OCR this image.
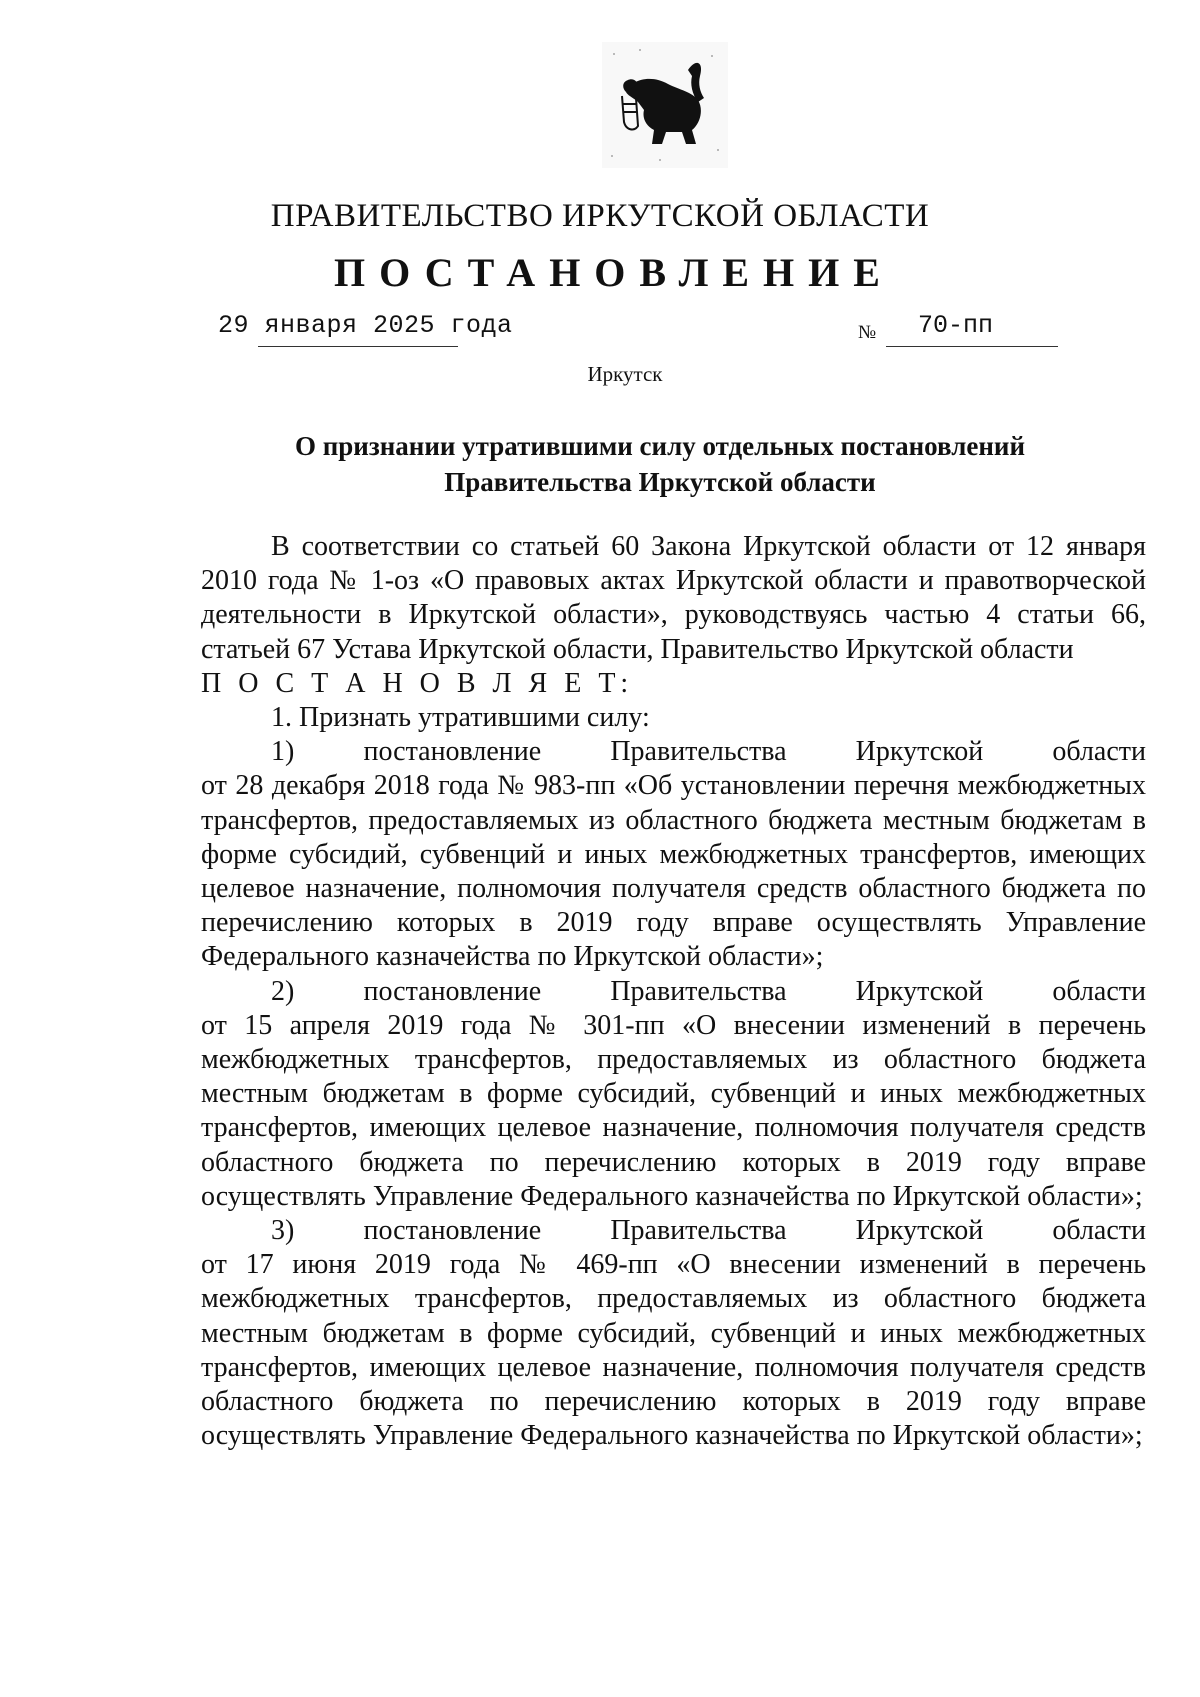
ПРАВИТЕЛЬСТВО ИРКУТСКОЙ ОБЛАСТИ
ПОСТАНОВЛЕНИЕ
29 января 2025 года	№ 70-пп
Иркутск
О признании утратившими силу отдельных постановлений
Правительства Иркутской области

В соответствии со статьей 60 Закона Иркутской области от 12 января 2010 года № 1-оз «О правовых актах Иркутской области и правотворческой деятельности в Иркутской области», руководствуясь частью 4 статьи 66, статьей 67 Устава Иркутской области, Правительство Иркутской области

П О С Т А Н О В Л Я Е Т:

1. Признать утратившими силу:

1) постановление Правительства Иркутской области

от 28 декабря 2018 года № 983-пп «Об установлении перечня межбюджетных трансфертов, предоставляемых из областного бюджета местным бюджетам в форме субсидий, субвенций и иных межбюджетных трансфертов, имеющих целевое назначение, полномочия получателя средств областного бюджета по перечислению которых в 2019 году вправе осуществлять Управление Федерального казначейства по Иркутской области»;

2) постановление Правительства Иркутской области

от 15 апреля 2019 года № 301-пп «О внесении изменений в перечень межбюджетных трансфертов, предоставляемых из областного бюджета местным бюджетам в форме субсидий, субвенций и иных межбюджетных трансфертов, имеющих целевое назначение, полномочия получателя средств областного бюджета по перечислению которых в 2019 году вправе осуществлять Управление Федерального казначейства по Иркутской области»;

3) постановление Правительства Иркутской области

от 17 июня 2019 года № 469-пп «О внесении изменений в перечень межбюджетных трансфертов, предоставляемых из областного бюджета местным бюджетам в форме субсидий, субвенций и иных межбюджетных трансфертов, имеющих целевое назначение, полномочия получателя средств областного бюджета по перечислению которых в 2019 году вправе осуществлять Управление Федерального казначейства по Иркутской области»;
